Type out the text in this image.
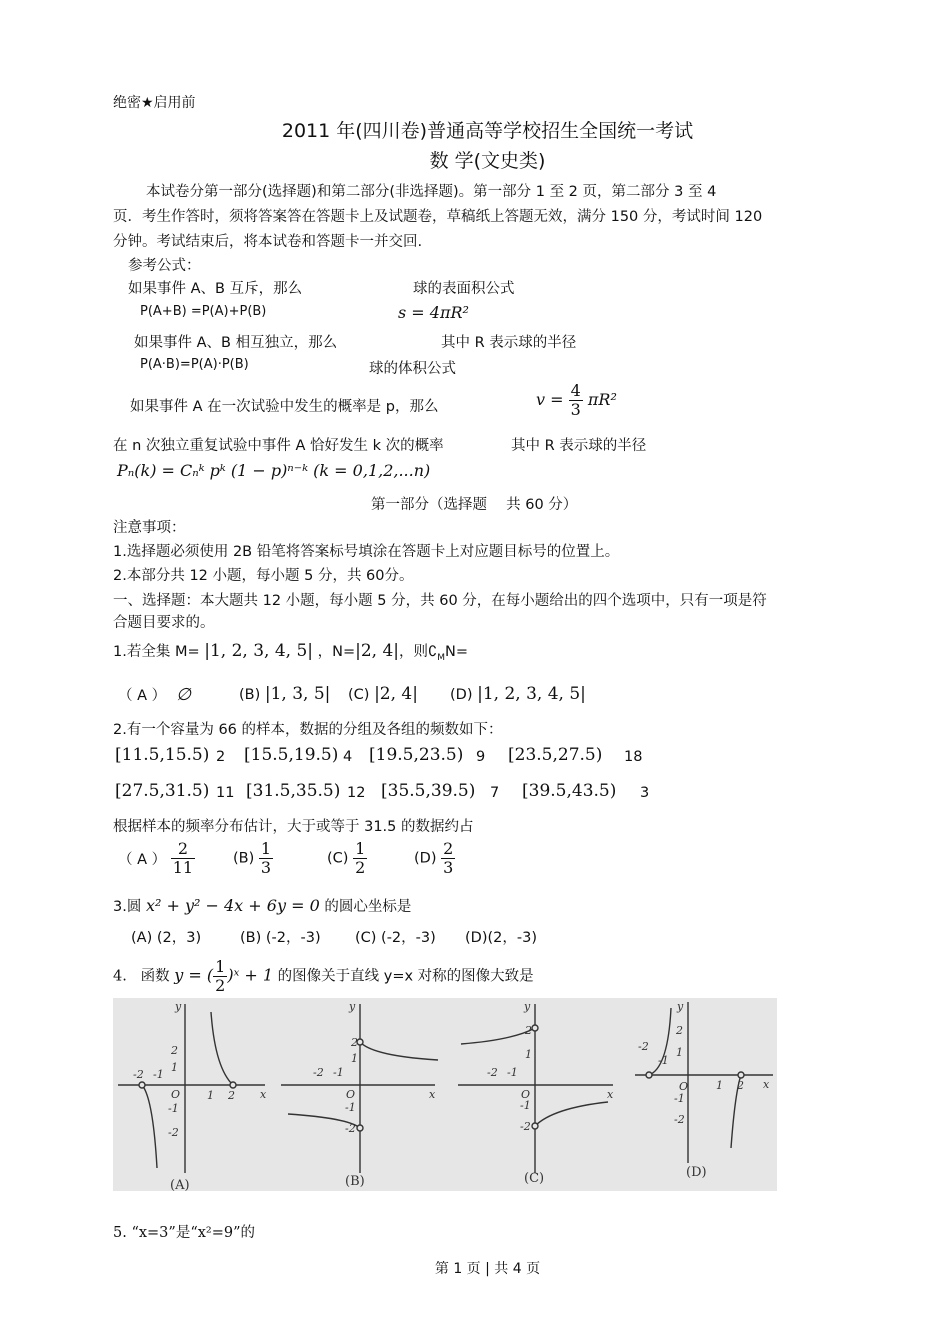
绝密★启用前
2011 年(四川卷)普通高等学校招生全国统一考试
数 学(文史类)
本试卷分第一部分(选择题)和第二部分(非选择题)。第一部分 1 至 2 页，第二部分 3 至 4
页．考生作答时，须将答案答在答题卡上及试题卷，草稿纸上答题无效，满分 150 分，考试时间 120
分钟。考试结束后，将本试卷和答题卡一并交回.
参考公式：
如果事件 A、B 互斥，那么	球的表面积公式
P(A+B) =P(A)+P(B)	s = 4πR²
如果事件 A、B 相互独立，那么	其中 R 表示球的半径
P(A·B)=P(A)·P(B)	球的体积公式
如果事件 A 在一次试验中发生的概率是 p，那么	$v = \frac{4}{3} \pi R^2$
在 n 次独立重复试验中事件 A 恰好发生 k 次的概率	其中 R 表示球的半径
Pₙ(k) = Cₙᵏ pᵏ (1 − p)ⁿ⁻ᵏ (k = 0,1,2,...n)
第一部分（选择题　 共 60 分）
注意事项：
1.选择题必须使用 2B 铅笔将答案标号填涂在答题卡上对应题目标号的位置上。
2.本部分共 12 小题，每小题 5 分，共 60分。
一、选择题：本大题共 12 小题，每小题 5 分，共 60 分，在每小题给出的四个选项中，只有一项是符
合题目要求的。
1.若全集 M= |1, 2, 3, 4, 5| ，N=|2, 4|，则$∁_MN=$
（ A ） ∅	(B) |1, 3, 5| (C) |2, 4| (D) |1, 2, 3, 4, 5|
2.有一个容量为 66 的样本，数据的分组及各组的频数如下：
[11.5,15.5) 2 [15.5,19.5) 4 [19.5,23.5) 9 [23.5,27.5) 18
[27.5,31.5) 11 [31.5,35.5) 12 [35.5,39.5) 7 [39.5,43.5) 3
根据样本的频率分布估计，大于或等于 31.5 的数据约占
（ A ） $\frac{2}{11}$	$(B) \frac{1}{3}$	$(C) \frac{1}{2}$	$(D) \frac{2}{3}$
3.圆 x² + y² − 4x + 6y = 0 的圆心坐标是
(A) (2，3)	(B) (-2，-3) (C) (-2，-3) (D)(2，-3)
4. 函数 y = ( $\frac{1}{2}$ )ˣ + 1 的图像关于直线 y=x 对称的图像大致是
y
x
O
-2 -1
1 2
2
1
-1
-2
(A)
y
x
O
-2 -1
2
1
-1
-2
(B)
y
x
O
-2 -1
2
1
-1
-2
(C)
y
x
O
-2
-1
1 2
2
1
-1
-2
(D)
5. “x=3”是“x²=9”的
第 1 页 | 共 4 页
